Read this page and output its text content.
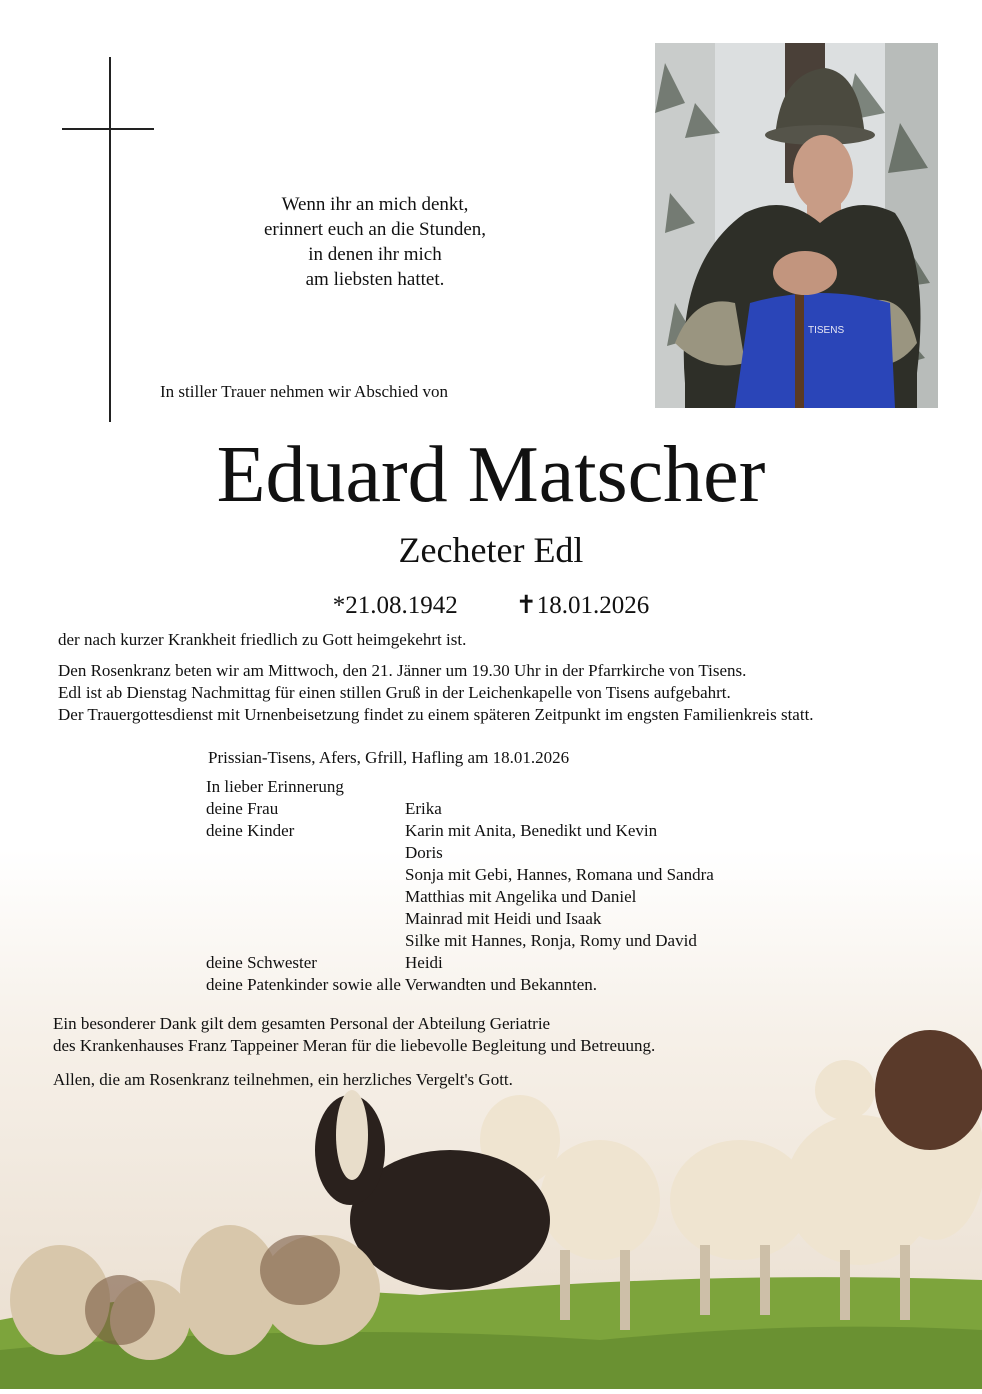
Wenn ihr an mich denkt,
erinnert euch an die Stunden,
in denen ihr mich
am liebsten hattet.
In stiller Trauer nehmen wir Abschied von
TISENS
Eduard Matscher
Zecheter Edl
*21.08.1942 ✝18.01.2026
der nach kurzer Krankheit friedlich zu Gott heimgekehrt ist.
Den Rosenkranz beten wir am Mittwoch, den 21. Jänner um 19.30 Uhr in der Pfarrkirche von Tisens.
Edl ist ab Dienstag Nachmittag für einen stillen Gruß in der Leichenkapelle von Tisens aufgebahrt.
Der Trauergottesdienst mit Urnenbeisetzung findet zu einem späteren Zeitpunkt im engsten Familienkreis statt.
Prissian-Tisens, Afers, Gfrill, Hafling am 18.01.2026
In lieber Erinnerung
deine Frau	Erika
deine Kinder	Karin mit Anita, Benedikt und Kevin
Doris
Sonja mit Gebi, Hannes, Romana und Sandra
Matthias mit Angelika und Daniel
Mainrad mit Heidi und Isaak
Silke mit Hannes, Ronja, Romy und David
deine Schwester	Heidi
deine Patenkinder sowie alle Verwandten und Bekannten.
Ein besonderer Dank gilt dem gesamten Personal der Abteilung Geriatrie
des Krankenhauses Franz Tappeiner Meran für die liebevolle Begleitung und Betreuung.
Allen, die am Rosenkranz teilnehmen, ein herzliches Vergelt's Gott.
